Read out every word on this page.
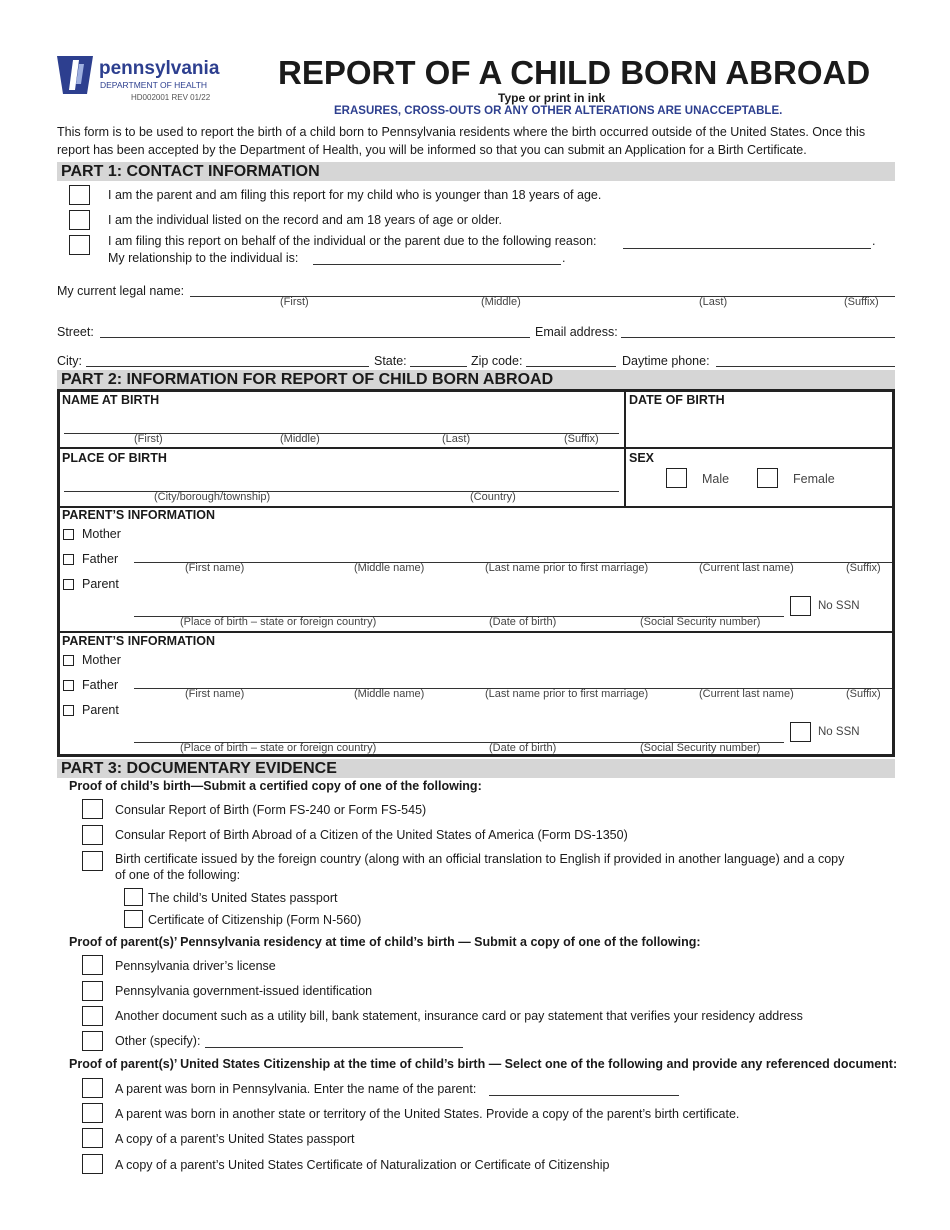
pennsylvania
DEPARTMENT OF HEALTH
HD002001 REV 01/22
REPORT OF A CHILD BORN ABROAD
Type or print in ink
ERASURES, CROSS-OUTS OR ANY OTHER ALTERATIONS ARE UNACCEPTABLE.
This form is to be used to report the birth of a child born to Pennsylvania residents where the birth occurred outside of the United States. Once this
report has been accepted by the Department of Health, you will be informed so that you can submit an Application for a Birth Certificate.
PART 1: CONTACT INFORMATION
I am the parent and am filing this report for my child who is younger than 18 years of age.
I am the individual listed on the record and am 18 years of age or older.
I am filing this report on behalf of the individual or the parent due to the following reason:	.
My relationship to the individual is:	.
My current legal name:
(First)	(Middle)	(Last)	(Suffix)
Street:	Email address:
City:	State:	Zip code:	Daytime phone:
PART 2: INFORMATION FOR REPORT OF CHILD BORN ABROAD
NAME AT BIRTH
(First)	(Middle)	(Last)	(Suffix)
DATE OF BIRTH
PLACE OF BIRTH
(City/borough/township)	(Country)
SEX
Male	Female
PARENT’S INFORMATION
Mother
Father
Parent
(First name)	(Middle name)	(Last name prior to first marriage)	(Current last name)	(Suffix)
No SSN
(Place of birth – state or foreign country)	(Date of birth)	(Social Security number)
PARENT’S INFORMATION
Mother
Father
Parent
(First name)	(Middle name)	(Last name prior to first marriage)	(Current last name)	(Suffix)
No SSN
(Place of birth – state or foreign country)	(Date of birth)	(Social Security number)
PART 3: DOCUMENTARY EVIDENCE
Proof of child’s birth—Submit a certified copy of one of the following:
Consular Report of Birth (Form FS-240 or Form FS-545)
Consular Report of Birth Abroad of a Citizen of the United States of America (Form DS-1350)
Birth certificate issued by the foreign country (along with an official translation to English if provided in another language) and a copy
of one of the following:
The child’s United States passport
Certificate of Citizenship (Form N-560)
Proof of parent(s)’ Pennsylvania residency at time of child’s birth — Submit a copy of one of the following:
Pennsylvania driver’s license
Pennsylvania government-issued identification
Another document such as a utility bill, bank statement, insurance card or pay statement that verifies your residency address
Other (specify):
Proof of parent(s)’ United States Citizenship at the time of child’s birth — Select one of the following and provide any referenced document:
A parent was born in Pennsylvania. Enter the name of the parent:
A parent was born in another state or territory of the United States. Provide a copy of the parent’s birth certificate.
A copy of a parent’s United States passport
A copy of a parent’s United States Certificate of Naturalization or Certificate of Citizenship
